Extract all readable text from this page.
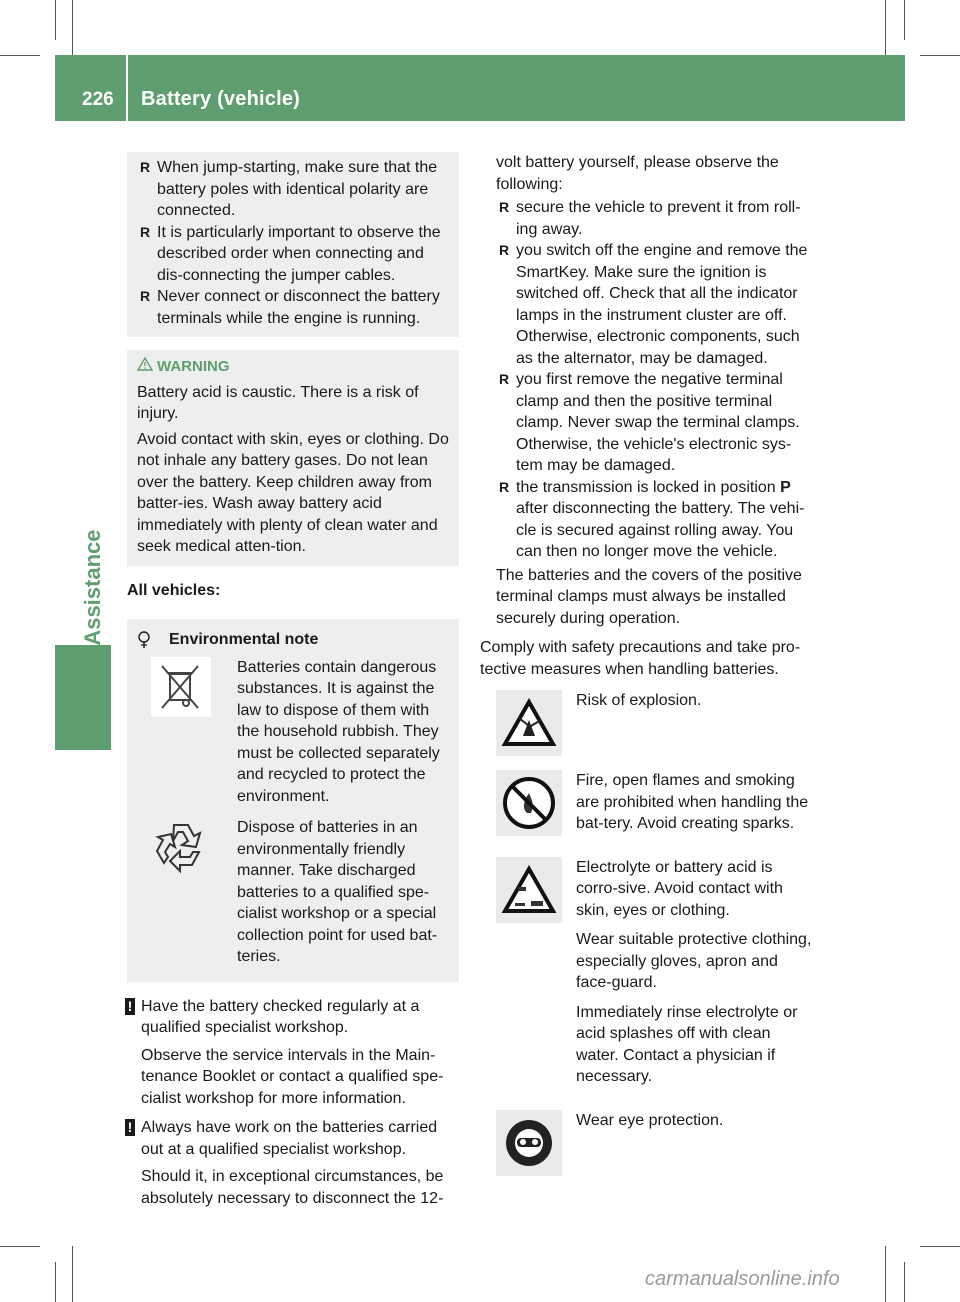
226	Battery (vehicle)
Roadside Assistance

R When jump-starting, make sure that the battery poles with identical polarity are connected.

R It is particularly important to observe the described order when connecting and dis-connecting the jumper cables.

R Never connect or disconnect the battery terminals while the engine is running.

WARNING

Battery acid is caustic. There is a risk of injury.

Avoid contact with skin, eyes or clothing. Do not inhale any battery gases. Do not lean over the battery. Keep children away from batter-ies. Wash away battery acid immediately with plenty of clean water and seek medical atten-tion.

All vehicles:

Environmental note

Batteries contain dangerous substances. It is against the law to dispose of them with the household rubbish. They must be collected separately and recycled to protect the environment.

Dispose of batteries in an environmentally friendly manner. Take discharged batteries to a qualified spe-cialist workshop or a special collection point for used bat-teries.

! Have the battery checked regularly at a qualified specialist workshop.

Observe the service intervals in the Main-tenance Booklet or contact a qualified spe-cialist workshop for more information.

! Always have work on the batteries carried out at a qualified specialist workshop.

Should it, in exceptional circumstances, be absolutely necessary to disconnect the 12-

volt battery yourself, please observe the following:

R secure the vehicle to prevent it from roll-ing away.

R you switch off the engine and remove the SmartKey. Make sure the ignition is switched off. Check that all the indicator lamps in the instrument cluster are off. Otherwise, electronic components, such as the alternator, may be damaged.

R you first remove the negative terminal clamp and then the positive terminal clamp. Never swap the terminal clamps. Otherwise, the vehicle's electronic sys-tem may be damaged.

R the transmission is locked in position P after disconnecting the battery. The vehi-cle is secured against rolling away. You can then no longer move the vehicle.

The batteries and the covers of the positive terminal clamps must always be installed securely during operation.

Comply with safety precautions and take pro-tective measures when handling batteries.

Risk of explosion.

Fire, open flames and smoking are prohibited when handling the bat-tery. Avoid creating sparks.

Electrolyte or battery acid is corro-sive. Avoid contact with skin, eyes or clothing.

Wear suitable protective clothing, especially gloves, apron and face-guard.

Immediately rinse electrolyte or acid splashes off with clean water. Contact a physician if necessary.

Wear eye protection.

carmanualsonline.info
